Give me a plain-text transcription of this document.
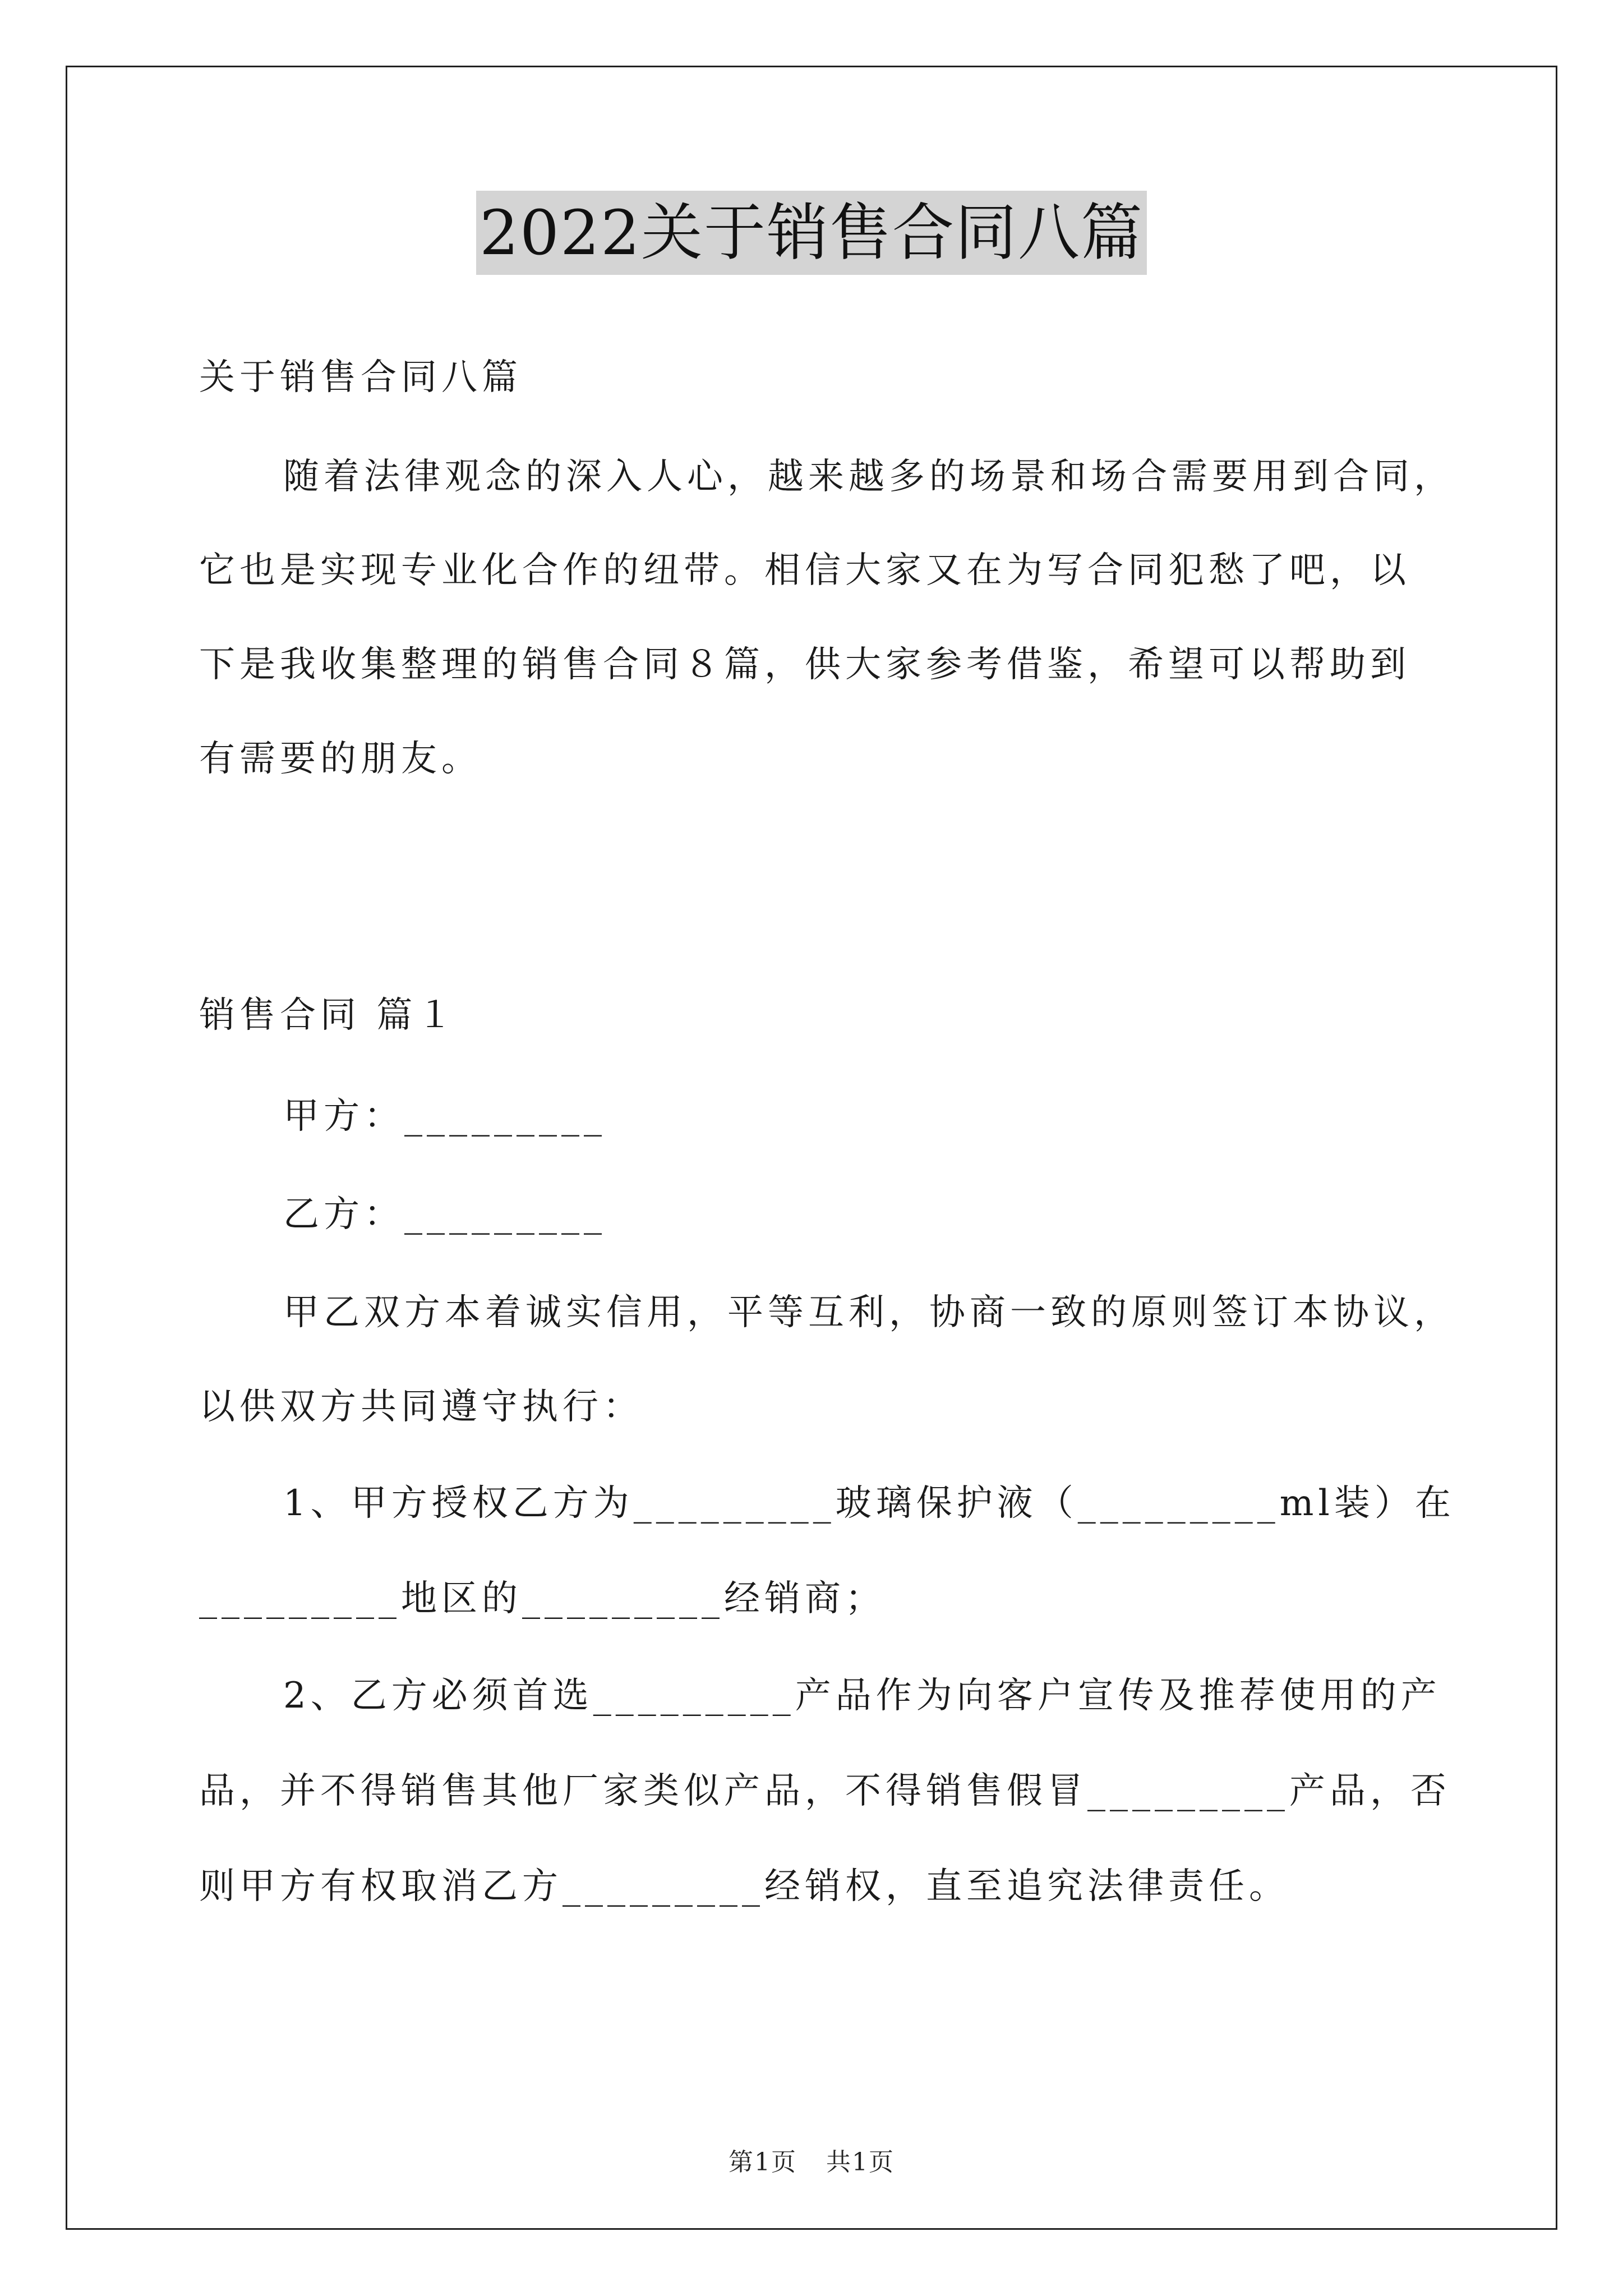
2022关于销售合同八篇
关于销售合同八篇
随着法律观念的深入人心，越来越多的场景和场合需要用到合同，
它也是实现专业化合作的纽带。相信大家又在为写合同犯愁了吧，以
下是我收集整理的销售合同８篇，供大家参考借鉴，希望可以帮助到
有需要的朋友。
销售合同 篇１
甲方：_________
乙方：_________
甲乙双方本着诚实信用，平等互利，协商一致的原则签订本协议，
以供双方共同遵守执行：
1、甲方授权乙方为_________玻璃保护液（_________ml装）在
_________地区的_________经销商；
2、乙方必须首选_________产品作为向客户宣传及推荐使用的产
品，并不得销售其他厂家类似产品，不得销售假冒_________产品，否
则甲方有权取消乙方_________经销权，直至追究法律责任。
第1页 共1页
